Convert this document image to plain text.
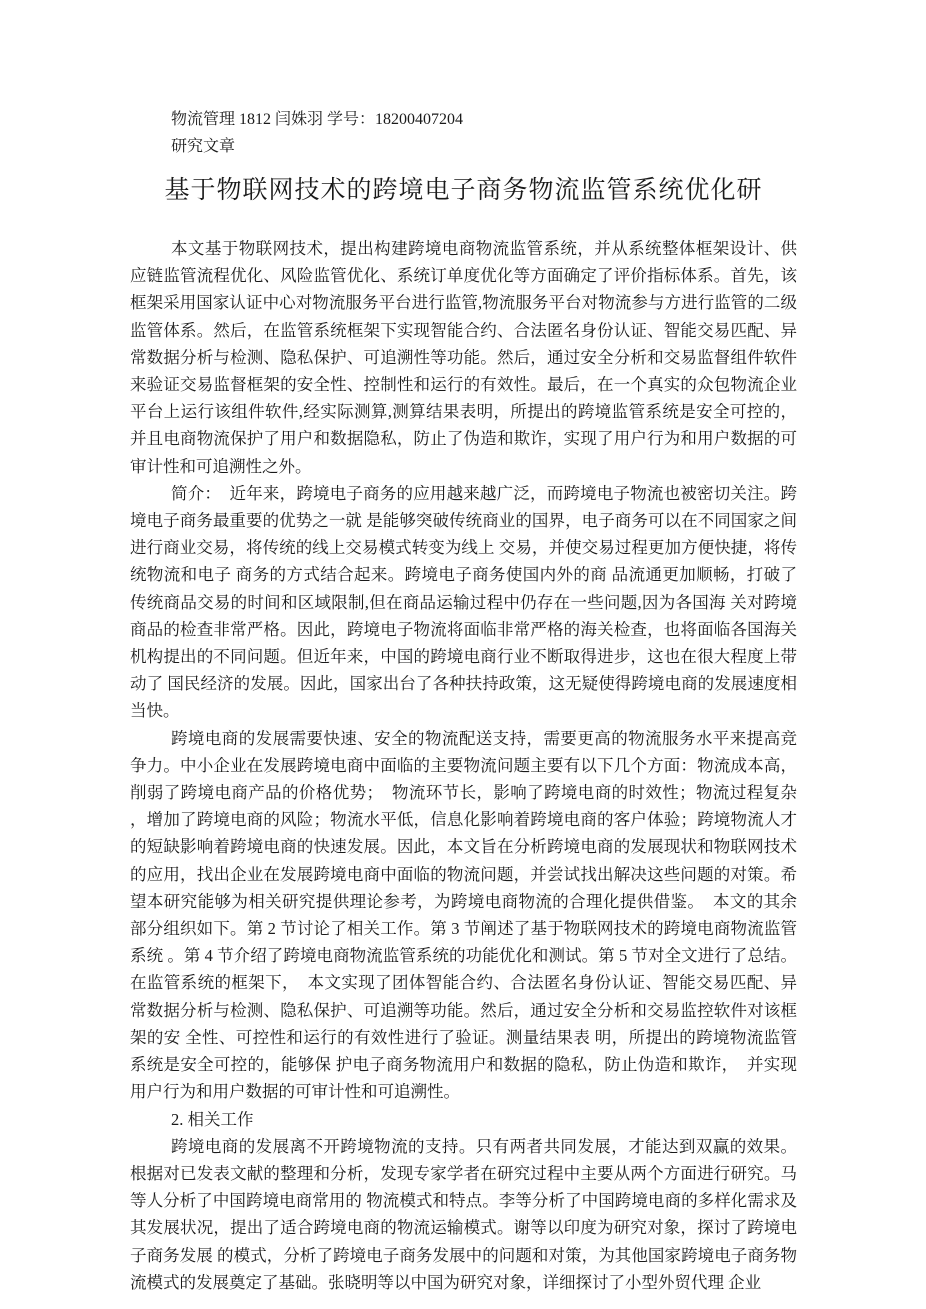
物流管理 1812 闫姝羽 学号：18200407204
研究文章
基于物联网技术的跨境电子商务物流监管系统优化研

本文基于物联网技术，提出构建跨境电商物流监管系统，并从系统整体框架设计、供应链监管流程优化、风险监管优化、系统订单度优化等方面确定了评价指标体系。首先，该框架采用国家认证中心对物流服务平台进行监管,物流服务平台对物流参与方进行监管的二级监管体系。然后，在监管系统框架下实现智能合约、合法匿名身份认证、智能交易匹配、异常数据分析与检测、隐私保护、可追溯性等功能。然后，通过安全分析和交易监督组件软件来验证交易监督框架的安全性、控制性和运行的有效性。最后，在一个真实的众包物流企业平台上运行该组件软件,经实际测算,测算结果表明，所提出的跨境监管系统是安全可控的，并且电商物流保护了用户和数据隐私，防止了伪造和欺诈，实现了用户行为和用户数据的可审计性和可追溯性之外。

简介：　近年来，跨境电子商务的应用越来越广泛，而跨境电子物流也被密切关注。跨境电子商务最重要的优势之一就 是能够突破传统商业的国界，电子商务可以在不同国家之间进行商业交易，将传统的线上交易模式转变为线上 交易，并使交易过程更加方便快捷，将传统物流和电子 商务的方式结合起来。跨境电子商务使国内外的商 品流通更加顺畅，打破了传统商品交易的时间和区域限制,但在商品运输过程中仍存在一些问题,因为各国海 关对跨境商品的检查非常严格。因此，跨境电子物流将面临非常严格的海关检查，也将面临各国海关机构提出的不同问题。但近年来，中国的跨境电商行业不断取得进步，这也在很大程度上带动了 国民经济的发展。因此，国家出台了各种扶持政策，这无疑使得跨境电商的发展速度相当快。

跨境电商的发展需要快速、安全的物流配送支持，需要更高的物流服务水平来提高竞争力。中小企业在发展跨境电商中面临的主要物流问题主要有以下几个方面：物流成本高，削弱了跨境电商产品的价格优势；　物流环节长，影响了跨境电商的时效性；物流过程复杂 ，增加了跨境电商的风险；物流水平低，信息化影响着跨境电商的客户体验；跨境物流人才的短缺影响着跨境电商的快速发展。因此，本文旨在分析跨境电商的发展现状和物联网技术的应用，找出企业在发展跨境电商中面临的物流问题，并尝试找出解决这些问题的对策。希望本研究能够为相关研究提供理论参考，为跨境电商物流的合理化提供借鉴。　本文的其余部分组织如下。第 2 节讨论了相关工作。第 3 节阐述了基于物联网技术的跨境电商物流监管系统 。第 4 节介绍了跨境电商物流监管系统的功能优化和测试。第 5 节对全文进行了总结。在监管系统的框架下，　本文实现了团体智能合约、合法匿名身份认证、智能交易匹配、异常数据分析与检测、隐私保护、可追溯等功能。然后，通过安全分析和交易监控软件对该框架的安 全性、可控性和运行的有效性进行了验证。测量结果表 明，所提出的跨境物流监管系统是安全可控的，能够保 护电子商务物流用户和数据的隐私，防止伪造和欺诈，　并实现用户行为和用户数据的可审计性和可追溯性。

2. 相关工作

跨境电商的发展离不开跨境物流的支持。只有两者共同发展，才能达到双赢的效果。根据对已发表文献的整理和分析，发现专家学者在研究过程中主要从两个方面进行研究。马等人分析了中国跨境电商常用的 物流模式和特点。李等分析了中国跨境电商的多样化需求及其发展状况，提出了适合跨境电商的物流运输模式。谢等以印度为研究对象，探讨了跨境电子商务发展 的模式，分析了跨境电子商务发展中的问题和对策，为其他国家跨境电子商务物流模式的发展奠定了基础。张晓明等以中国为研究对象，详细探讨了小型外贸代理 企业
